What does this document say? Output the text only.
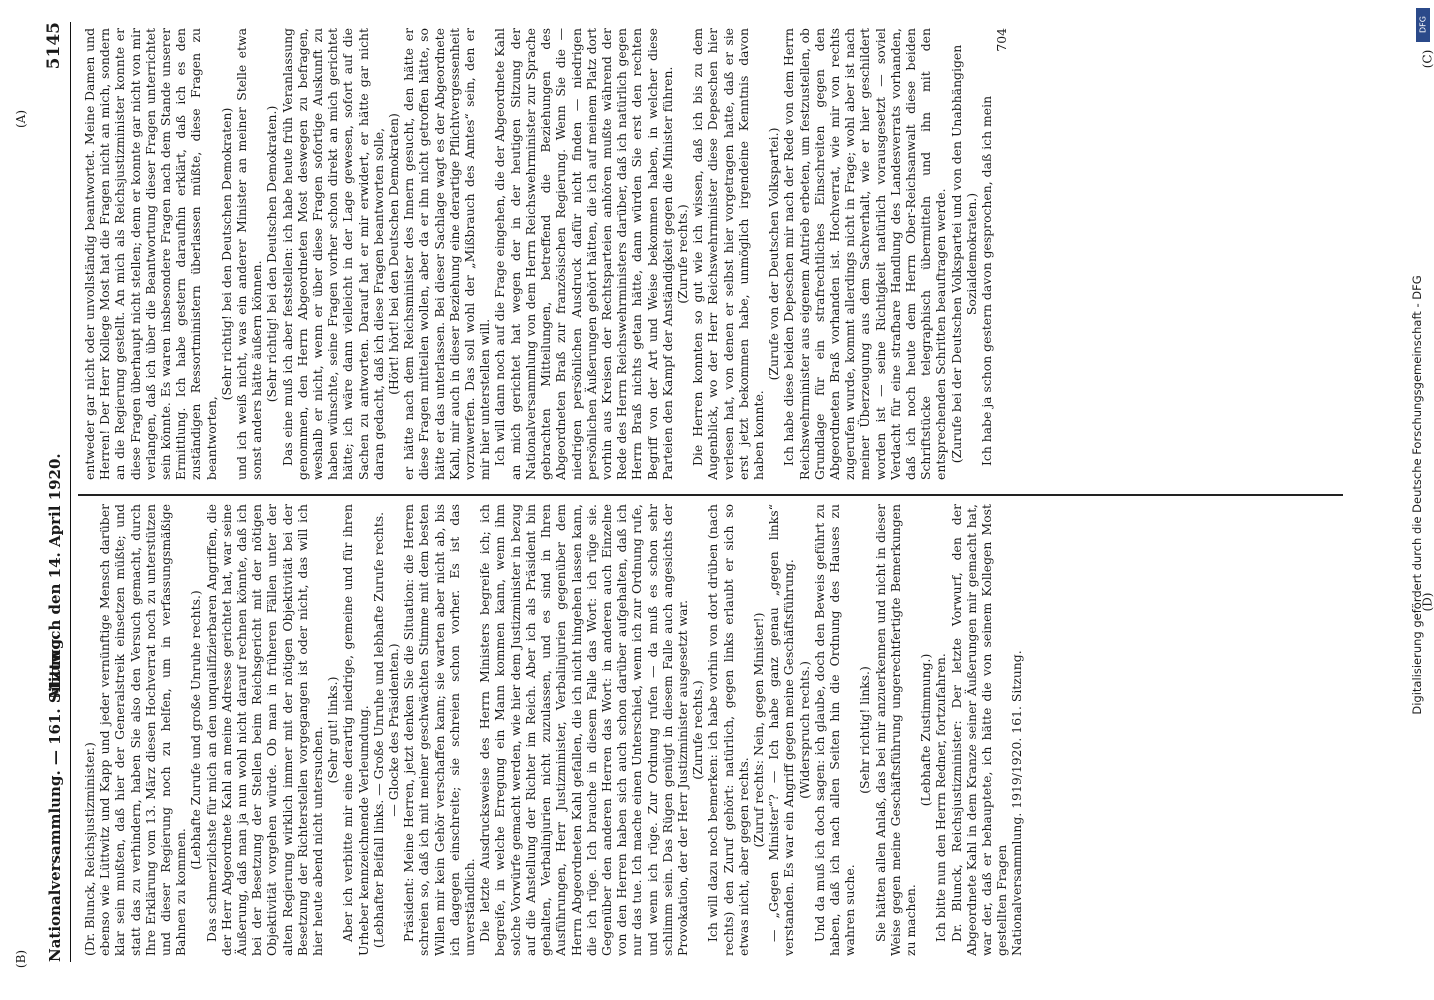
Nationalversammlung. — 161. Sitzung.
Mittwoch den 14. April 1920.
5145

(Dr. Blunck, Reichsjustizminister.) ebenso wie Lüttwitz und Kapp und jeder vernünftige Mensch darüber klar sein mußten, daß hier der Generalstreik einsetzen müßte; und statt das zu verhindern, haben Sie also den Versuch gemacht, durch Ihre Erklärung vom 13. März diesen Hochverrat noch zu unterstützen und dieser Regierung noch zu helfen, um in verfassungsmäßige Bahnen zu kommen.

(Lebhafte Zurufe und große Unruhe rechts.) Das schmerzlichste für mich an den unqualifizierbaren Angriffen, die der Herr Abgeordnete Kahl an meine Adresse gerichtet hat, war seine Äußerung, daß man ja nun wohl nicht darauf rechnen könnte, daß ich bei der Besetzung der Stellen beim Reichsgericht mit der nötigen Objektivität vorgehen würde. Ob man in früheren Fällen unter der alten Regierung wirklich immer mit der nötigen Objektivität bei der Besetzung der Richterstellen vorgegangen ist oder nicht, das will ich hier heute abend nicht untersuchen. (Sehr gut! links.) Aber ich verbitte mir eine derartig niedrige, gemeine und für ihren Urheber kennzeichnende Verleumdung. (Lebhafter Beifall links. — Große Unruhe und lebhafte Zurufe rechts. — Glocke des Präsidenten.) Präsident: Meine Herren, jetzt denken Sie die Situation: die Herren schreien so, daß ich mit meiner geschwächten Stimme mit dem besten Willen mir kein Gehör verschaffen kann; sie warten aber nicht ab, bis ich dagegen einschreite; sie schreien schon vorher. Es ist das unverständlich. Die letzte Ausdrucksweise des Herrn Ministers begreife ich; ich begreife, in welche Erregung ein Mann kommen kann, wenn ihm solche Vorwürfe gemacht werden, wie hier dem Justizminister in bezug auf die Anstellung der Richter im Reich. Aber ich als Präsident bin gehalten, Verbalinjurien nicht zuzulassen, und es sind in Ihren Ausführungen, Herr Justizminister, Verbalinjurien gegenüber dem Herrn Abgeordneten Kahl gefallen, die ich nicht hingehen lassen kann, die ich rüge. Ich brauche in diesem Falle das Wort: ich rüge sie. Gegenüber den anderen Herren das Wort: in anderen auch Einzelne von den Herren haben sich auch schon darüber aufgehalten, daß ich nur das tue. Ich mache einen Unterschied, wenn ich zur Ordnung rufe, und wenn ich rüge. Zur Ordnung rufen — da muß es schon sehr schlimm sein. Das Rügen genügt in diesem Falle auch angesichts der Provokation, der der Herr Justizminister ausgesetzt war. (Zurufe rechts.) Ich will dazu noch bemerken: ich habe vorhin von dort drüben (nach rechts) den Zuruf gehört: natürlich, gegen links erlaubt er sich so etwas nicht, aber gegen rechts.

(Zuruf rechts: Nein, gegen Minister!) — „Gegen Minister“? — Ich habe ganz genau „gegen links“ verstanden. Es war ein Angriff gegen meine Geschäftsführung. (Widerspruch rechts.) Und da muß ich doch sagen: ich glaube, doch den Beweis geführt zu haben, daß ich nach allen Seiten hin die Ordnung des Hauses zu wahren suche.

(Sehr richtig! links.) Sie hätten allen Anlaß, das bei mir anzuerkennen und nicht in dieser Weise gegen meine Geschäftsführung ungerechtfertigte Bemerkungen zu machen.

(Lebhafte Zustimmung.) Ich bitte nun den Herrn Redner, fortzufahren. Dr. Blunck, Reichsjustizminister: Der letzte Vorwurf, den der Abgeordnete Kahl in dem Kranze seiner Äußerungen mir gemacht hat, war der, daß er behauptete, ich hätte die von seinem Kollegen Most gestellten Fragen Nationalversammlung. 1919/1920. 161. Sitzung.

entweder gar nicht oder unvollständig beantwortet. Meine Damen und Herren! Der Herr Kollege Most hat die Fragen nicht an mich, sondern an die Regierung gestellt. An mich als Reichsjustizminister konnte er diese Fragen überhaupt nicht stellen; denn er konnte gar nicht von mir verlangen, daß ich über die Beantwortung dieser Fragen unterrichtet sein könnte. Es waren insbesondere Fragen nach dem Stande unserer Ermittlung. Ich habe gestern daraufhin erklärt, daß ich es den zuständigen Ressortministern überlassen müßte, diese Fragen zu beantworten,

(Sehr richtig! bei den Deutschen Demokraten) und ich weiß nicht, was ein anderer Minister an meiner Stelle etwa sonst anders hätte äußern können. (Sehr richtig! bei den Deutschen Demokraten.) Das eine muß ich aber feststellen: ich habe heute früh Veranlassung genommen, den Herrn Abgeordneten Most deswegen zu befragen, weshalb er nicht, wenn er über diese Fragen sofortige Auskunft zu haben wünschte, seine Fragen vorher schon direkt an mich gerichtet hätte; ich wäre dann vielleicht in der Lage gewesen, sofort auf die Sachen zu antworten. Darauf hat er mir erwidert, er hätte gar nicht daran gedacht, daß ich diese Fragen beantworten solle, (Hört! hört! bei den Deutschen Demokraten) er hätte nach dem Reichsminister des Innern gesucht, den hätte er diese Fragen mitteilen wollen, aber da er ihn nicht getroffen hätte, so hätte er das unterlassen. Bei dieser Sachlage wagt es der Abgeordnete Kahl, mir auch in dieser Beziehung eine derartige Pflichtvergessenheit vorzuwerfen. Das soll wohl der „Mißbrauch des Amtes“ sein, den er mir hier unterstellen will. Ich will dann noch auf die Frage eingehen, die der Abgeordnete Kahl an mich gerichtet hat wegen der in der heutigen Sitzung der Nationalversammlung von dem Herrn Reichswehrminister zur Sprache gebrachten Mitteilungen, betreffend die Beziehungen des Abgeordneten Braß zur französischen Regierung. Wenn Sie die — niedrigen persönlichen Ausdruck dafür nicht finden — niedrigen persönlichen Äußerungen gehört hätten, die ich auf meinem Platz dort vorhin aus Kreisen der Rechtsparteien anhören mußte während der Rede des Herrn Reichswehrministers darüber, daß ich natürlich gegen Herrn Braß nichts getan hätte, dann würden Sie erst den rechten Begriff von der Art und Weise bekommen haben, in welcher diese Parteien den Kampf der Anständigkeit gegen die Minister führen. (Zurufe rechts.) Die Herren konnten so gut wie ich wissen, daß ich bis zu dem Augenblick, wo der Herr Reichswehrminister diese Depeschen hier verlesen hat, von denen er selbst hier vorgetragen hatte, daß er sie erst jetzt bekommen habe, unmöglich irgendeine Kenntnis davon haben konnte.

(Zurufe von der Deutschen Volkspartei.) Ich habe diese beiden Depeschen mir nach der Rede von dem Herrn Reichswehrminister aus eigenem Antrieb erbeten, um festzustellen, ob Grundlage für ein strafrechtliches Einschreiten gegen den Abgeordneten Braß vorhanden ist. Hochverrat, wie mir von rechts zugerufen wurde, kommt allerdings nicht in Frage; wohl aber ist nach meiner Überzeugung aus dem Sachverhalt, wie er hier geschildert worden ist — seine Richtigkeit natürlich vorausgesetzt — soviel Verdacht für eine strafbare Handlung des Landesverrats vorhanden, daß ich noch heute dem Herrn Ober-Reichsanwalt diese beiden Schriftstücke telegraphisch übermitteln und ihn mit den entsprechenden Schritten beauftragen werde. (Zurufe bei der Deutschen Volkspartei und von den Unabhängigen Sozialdemokraten.) Ich habe ja schon gestern davon gesprochen, daß ich mein

704

(A)
(B)
(C)
(D)
Digitalisierung gefördert durch die Deutsche Forschungsgemeinschaft - DFG
DFG
